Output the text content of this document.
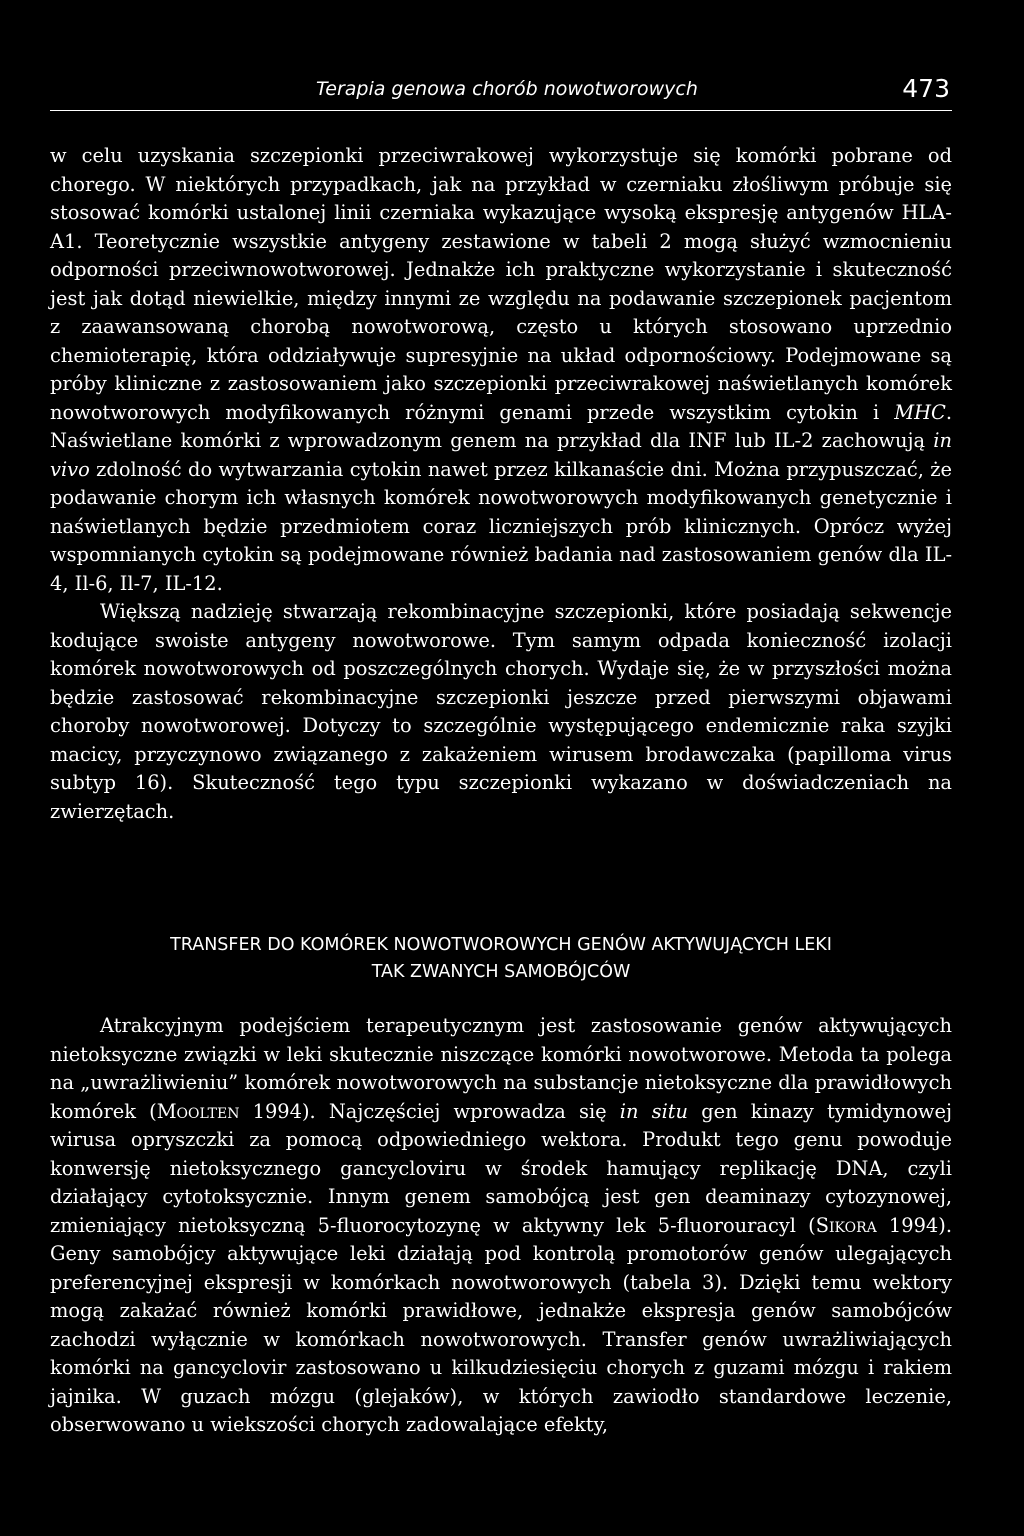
Terapia genowa chorób nowotworowych	473

w celu uzyskania szczepionki przeciwrakowej wykorzystuje się komórki pobrane od chorego. W niektórych przypadkach, jak na przykład w czerniaku złośliwym próbuje się stosować komórki ustalonej linii czerniaka wykazujące wysoką ekspresję antygenów HLA-A1. Teoretycznie wszystkie antygeny zestawione w tabeli 2 mogą służyć wzmocnieniu odporności przeciwnowotworowej. Jednakże ich praktyczne wykorzystanie i skuteczność jest jak dotąd niewielkie, między innymi ze względu na podawanie szczepionek pacjentom z zaawansowaną chorobą nowotworową, często u których stosowano uprzednio chemioterapię, która oddziaływuje supresyjnie na układ odpornościowy. Podejmowane są próby kliniczne z zastosowaniem jako szczepionki przeciwrakowej naświetlanych komórek nowotworowych modyfikowanych różnymi genami przede wszystkim cytokin i MHC. Naświetlane komórki z wprowadzonym genem na przykład dla INF lub IL-2 zachowują in vivo zdolność do wytwarzania cytokin nawet przez kilkanaście dni. Można przypuszczać, że podawanie chorym ich własnych komórek nowotworowych modyfikowanych genetycznie i naświetlanych będzie przedmiotem coraz liczniejszych prób klinicznych. Oprócz wyżej wspomnianych cytokin są podejmowane również badania nad zastosowaniem genów dla IL-4, Il-6, Il-7, IL-12.

Większą nadzieję stwarzają rekombinacyjne szczepionki, które posiadają sekwencje kodujące swoiste antygeny nowotworowe. Tym samym odpada konieczność izolacji komórek nowotworowych od poszczególnych chorych. Wydaje się, że w przyszłości można będzie zastosować rekombinacyjne szczepionki jeszcze przed pierwszymi objawami choroby nowotworowej. Dotyczy to szczególnie występującego endemicznie raka szyjki macicy, przyczynowo związanego z zakażeniem wirusem brodawczaka (papilloma virus subtyp 16). Skuteczność tego typu szczepionki wykazano w doświadczeniach na zwierzętach.

TRANSFER DO KOMÓREK NOWOTWOROWYCH GENÓW AKTYWUJĄCYCH LEKI
TAK ZWANYCH SAMOBÓJCÓW

Atrakcyjnym podejściem terapeutycznym jest zastosowanie genów aktywujących nietoksyczne związki w leki skutecznie niszczące komórki nowotworowe. Metoda ta polega na „uwrażliwieniu” komórek nowotworowych na substancje nietoksyczne dla prawidłowych komórek (Moolten 1994). Najczęściej wprowadza się in situ gen kinazy tymidynowej wirusa opryszczki za pomocą odpowiedniego wektora. Produkt tego genu powoduje konwersję nietoksycznego gancycloviru w środek hamujący replikację DNA, czyli działający cytotoksycznie. Innym genem samobójcą jest gen deaminazy cytozynowej, zmieniający nietoksyczną 5-fluorocytozynę w aktywny lek 5-fluorouracyl (Sikora 1994). Geny samobójcy aktywujące leki działają pod kontrolą promotorów genów ulegających preferencyjnej ekspresji w komórkach nowotworowych (tabela 3). Dzięki temu wektory mogą zakażać również komórki prawidłowe, jednakże ekspresja genów samobójców zachodzi wyłącznie w komórkach nowotworowych. Transfer genów uwrażliwiających komórki na gancyclovir zastosowano u kilkudziesięciu chorych z guzami mózgu i rakiem jajnika. W guzach mózgu (glejaków), w których zawiodło standardowe leczenie, obserwowano u wiekszości chorych zadowalające efekty,
